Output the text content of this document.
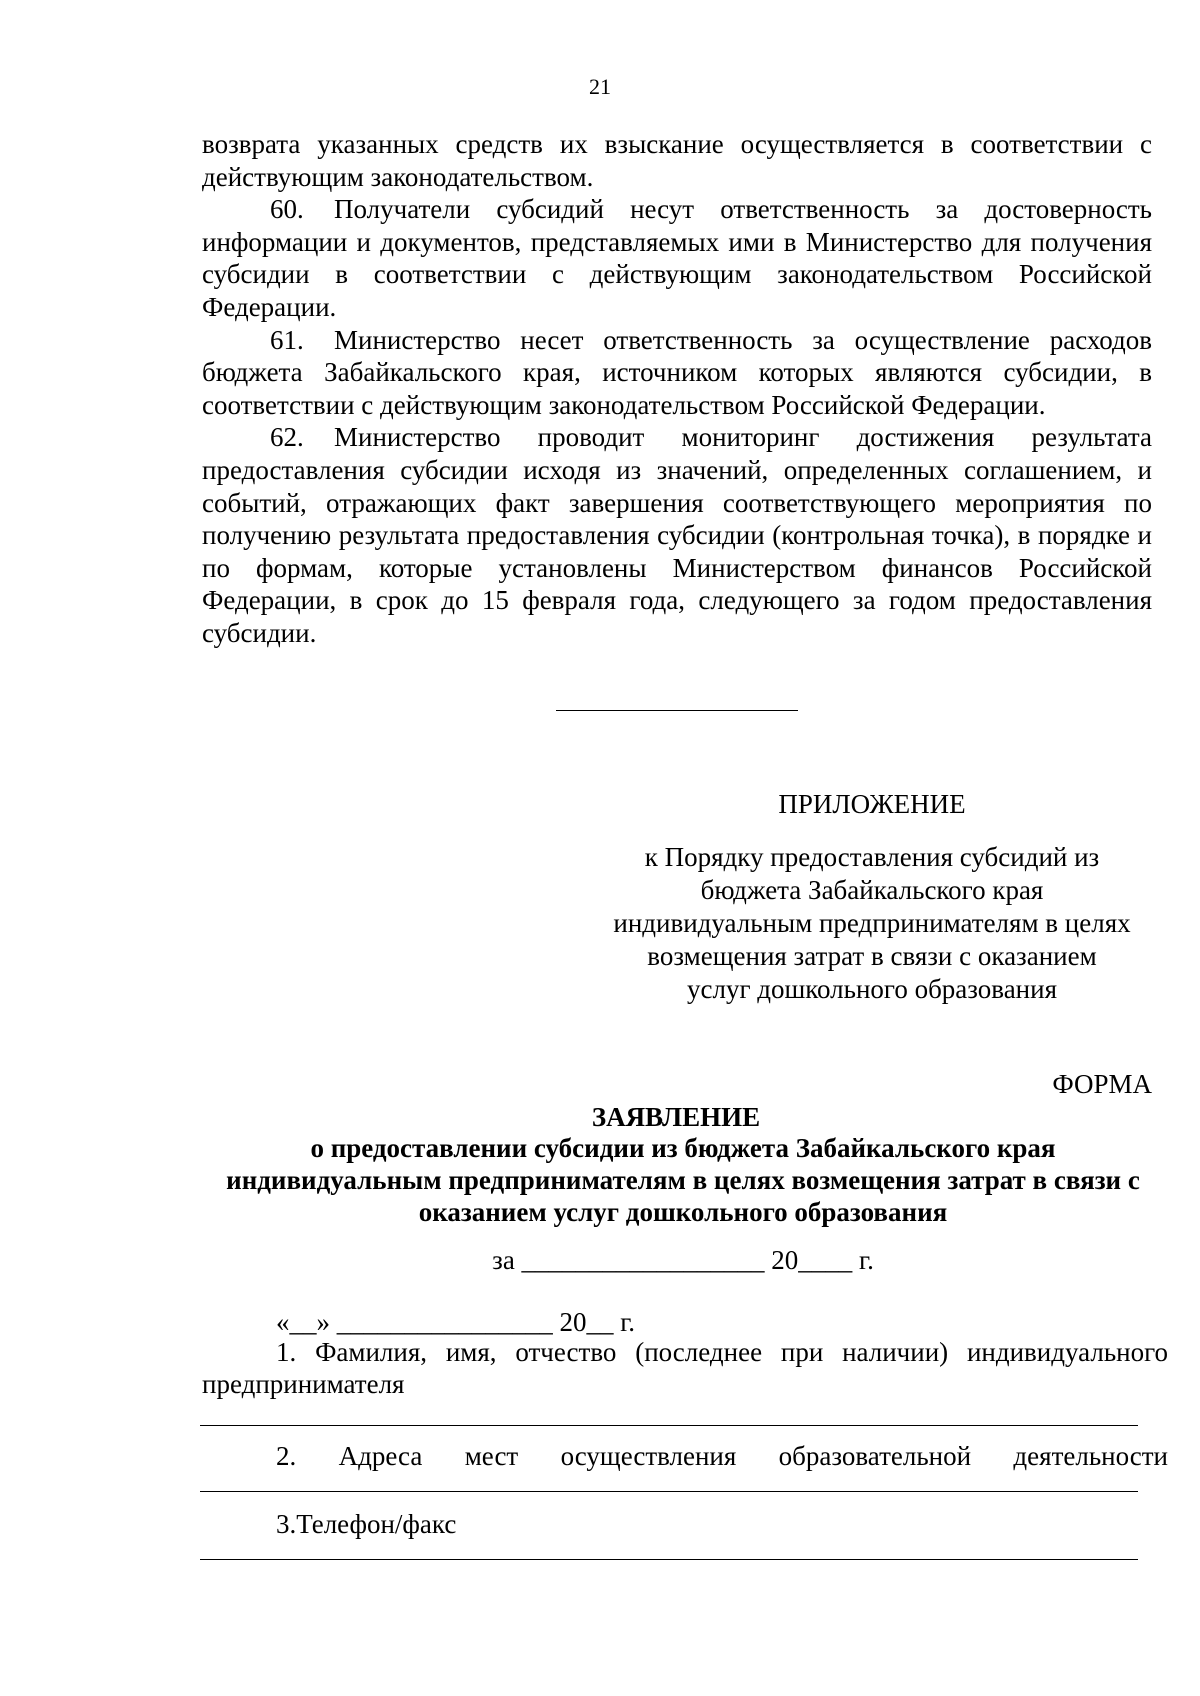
21

возврата указанных средств их взыскание осуществляется в соответствии с действующим законодательством.

60. Получатели субсидий несут ответственность за достоверность информации и документов, представляемых ими в Министерство для получения субсидии в соответствии с действующим законодательством Российской Федерации.

61. Министерство несет ответственность за осуществление расходов бюджета Забайкальского края, источником которых являются субсидии, в соответствии с действующим законодательством Российской Федерации.

62. Министерство проводит мониторинг достижения результата предоставления субсидии исходя из значений, определенных соглашением, и событий, отражающих факт завершения соответствующего мероприятия по получению результата предоставления субсидии (контрольная точка), в порядке и по формам, которые установлены Министерством финансов Российской Федерации, в срок до 15 февраля года, следующего за годом предоставления субсидии.

ПРИЛОЖЕНИЕ

к Порядку предоставления субсидий из

бюджета Забайкальского края

индивидуальным предпринимателям в целях

возмещения затрат в связи с оказанием

услуг дошкольного образования

ФОРМА
ЗАЯВЛЕНИЕ

о предоставлении субсидии из бюджета Забайкальского края

индивидуальным предпринимателям в целях возмещения затрат в связи с

оказанием услуг дошкольного образования

за __________________ 20____ г.
«__» ________________ 20__ г.

1. Фамилия, имя, отчество (последнее при наличии) индивидуального

предпринимателя

2. Адреса мест осуществления образовательной деятельности
3.Телефон/факс
